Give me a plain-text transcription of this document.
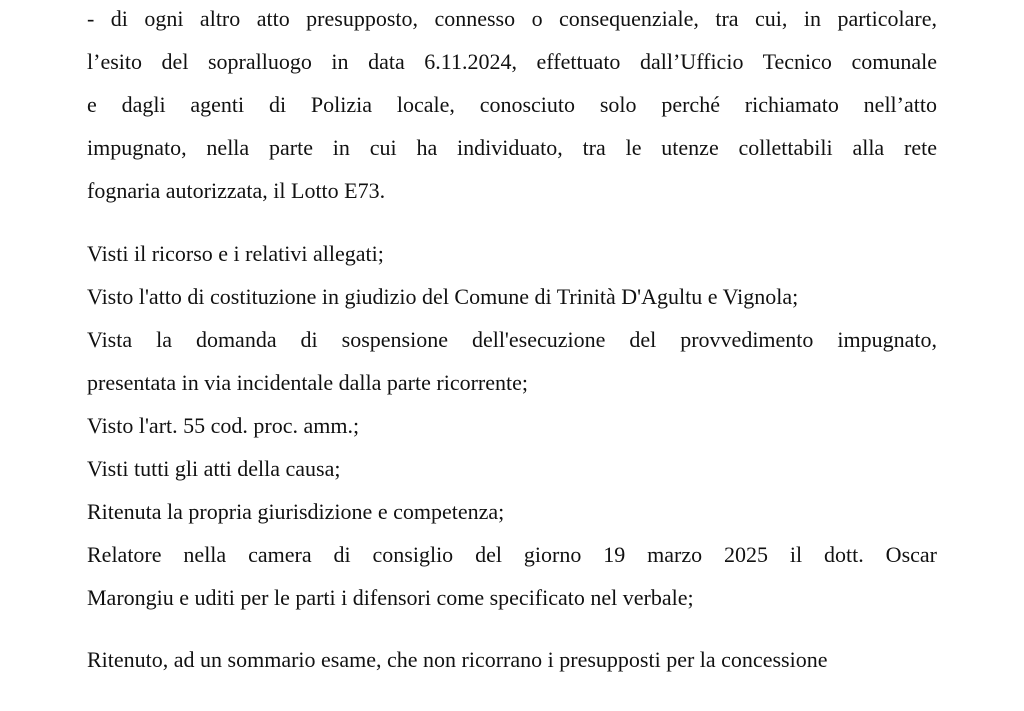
- di ogni altro atto presupposto, connesso o consequenziale, tra cui, in particolare,
l’esito del sopralluogo in data 6.11.2024, effettuato dall’Ufficio Tecnico comunale
e dagli agenti di Polizia locale, conosciuto solo perché richiamato nell’atto
impugnato, nella parte in cui ha individuato, tra le utenze collettabili alla rete
fognaria autorizzata, il Lotto E73.
Visti il ricorso e i relativi allegati;
Visto l'atto di costituzione in giudizio del Comune di Trinità D'Agultu e Vignola;
Vista la domanda di sospensione dell'esecuzione del provvedimento impugnato,
presentata in via incidentale dalla parte ricorrente;
Visto l'art. 55 cod. proc. amm.;
Visti tutti gli atti della causa;
Ritenuta la propria giurisdizione e competenza;
Relatore nella camera di consiglio del giorno 19 marzo 2025 il dott. Oscar
Marongiu e uditi per le parti i difensori come specificato nel verbale;
Ritenuto, ad un sommario esame, che non ricorrano i presupposti per la concessione
